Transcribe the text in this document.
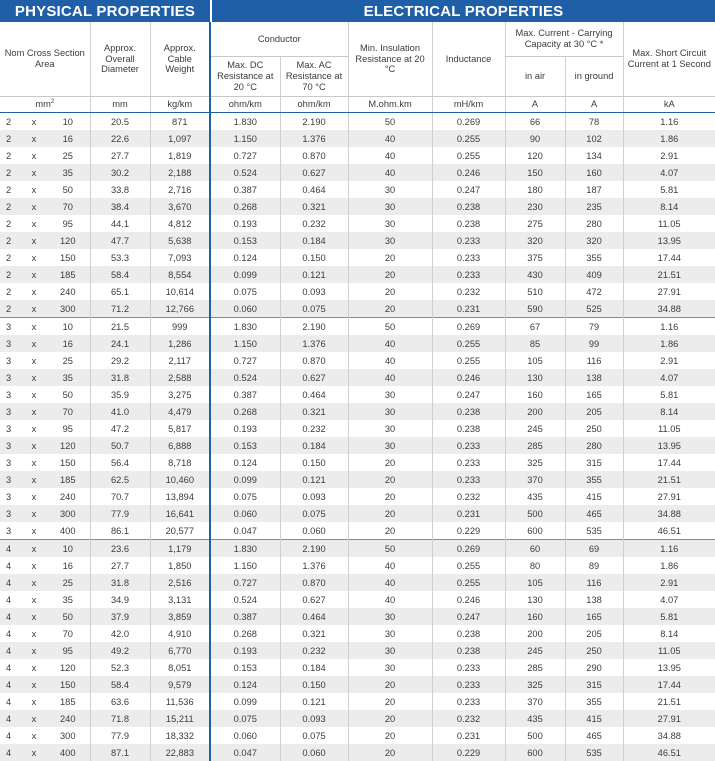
PHYSICAL PROPERTIES	ELECTRICAL PROPERTIES
Nom Cross Section Area			Approx. Overall Diameter	Approx. Cable Weight	Conductor		Min. Insulation Resistance at 20 °C	Inductance	Max. Current - Carrying Capacity at 30 °C *		Max. Short Circuit Current at 1 Second
					Max. DC Resistance at 20 °C	Max. AC Resistance at 70 °C			in air	in ground	
$mm^2$			mm	kg/km	ohm/km	ohm/km	M.ohm.km	mH/km	A	A	kA
2	x	10	20.5	871	1.830	2.190	50	0.269	66	78	1.16
2	x	16	22.6	1,097	1.150	1.376	40	0.255	90	102	1.86
2	x	25	27.7	1,819	0.727	0.870	40	0.255	120	134	2.91
2	x	35	30.2	2,188	0.524	0.627	40	0.246	150	160	4.07
2	x	50	33.8	2,716	0.387	0.464	30	0.247	180	187	5.81
2	x	70	38.4	3,670	0.268	0.321	30	0.238	230	235	8.14
2	x	95	44.1	4,812	0.193	0.232	30	0.238	275	280	11.05
2	x	120	47.7	5,638	0.153	0.184	30	0.233	320	320	13.95
2	x	150	53.3	7,093	0.124	0.150	20	0.233	375	355	17.44
2	x	185	58.4	8,554	0.099	0.121	20	0.233	430	409	21.51
2	x	240	65.1	10,614	0.075	0.093	20	0.232	510	472	27.91
2	x	300	71.2	12,766	0.060	0.075	20	0.231	590	525	34.88
3	x	10	21.5	999	1.830	2.190	50	0.269	67	79	1.16
3	x	16	24.1	1,286	1.150	1.376	40	0.255	85	99	1.86
3	x	25	29.2	2,117	0.727	0.870	40	0.255	105	116	2.91
3	x	35	31.8	2,588	0.524	0.627	40	0.246	130	138	4.07
3	x	50	35.9	3,275	0.387	0.464	30	0.247	160	165	5.81
3	x	70	41.0	4,479	0.268	0.321	30	0.238	200	205	8.14
3	x	95	47.2	5,817	0.193	0.232	30	0.238	245	250	11.05
3	x	120	50.7	6,888	0.153	0.184	30	0.233	285	280	13.95
3	x	150	56.4	8,718	0.124	0.150	20	0.233	325	315	17.44
3	x	185	62.5	10,460	0.099	0.121	20	0.233	370	355	21.51
3	x	240	70.7	13,894	0.075	0.093	20	0.232	435	415	27.91
3	x	300	77.9	16,641	0.060	0.075	20	0.231	500	465	34.88
3	x	400	86.1	20,577	0.047	0.060	20	0.229	600	535	46.51
4	x	10	23.6	1,179	1.830	2.190	50	0.269	60	69	1.16
4	x	16	27.7	1,850	1.150	1.376	40	0.255	80	89	1.86
4	x	25	31.8	2,516	0.727	0.870	40	0.255	105	116	2.91
4	x	35	34.9	3,131	0.524	0.627	40	0.246	130	138	4.07
4	x	50	37.9	3,859	0.387	0.464	30	0.247	160	165	5.81
4	x	70	42.0	4,910	0.268	0.321	30	0.238	200	205	8.14
4	x	95	49.2	6,770	0.193	0.232	30	0.238	245	250	11.05
4	x	120	52.3	8,051	0.153	0.184	30	0.233	285	290	13.95
4	x	150	58.4	9,579	0.124	0.150	20	0.233	325	315	17.44
4	x	185	63.6	11,536	0.099	0.121	20	0.233	370	355	21.51
4	x	240	71.8	15,211	0.075	0.093	20	0.232	435	415	27.91
4	x	300	77.9	18,332	0.060	0.075	20	0.231	500	465	34.88
4	x	400	87.1	22,883	0.047	0.060	20	0.229	600	535	46.51
